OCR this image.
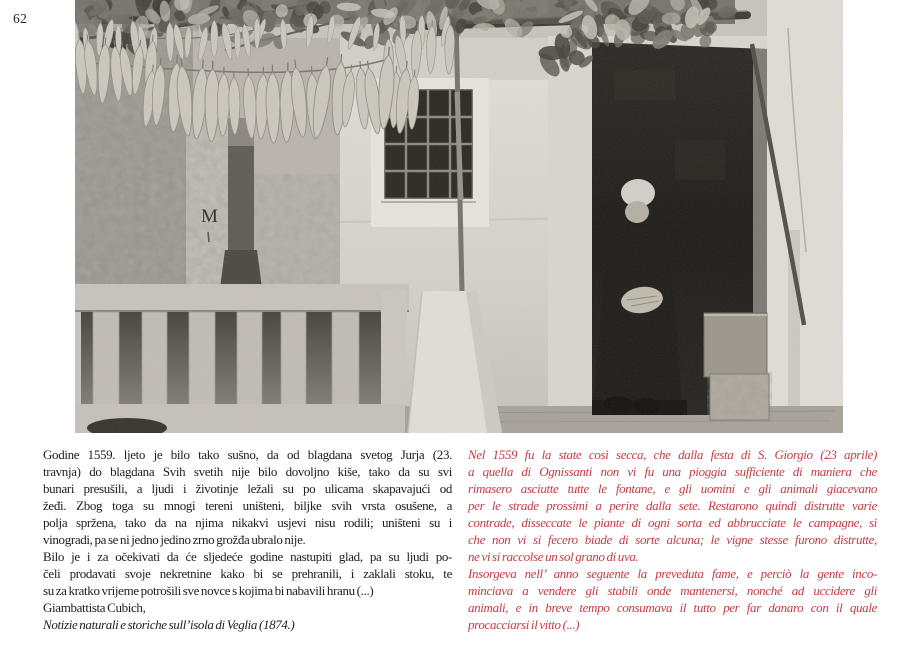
62
Godine 1559. ljeto je bilo tako sušno, da od blagdana svetog Jurja (23.
travnja) do blagdana Svih svetih nije bilo dovoljno kiše, tako da su svi
bunari presušili, a ljudi i životinje ležali su po ulicama skapavajući od
žeđi. Zbog toga su mnogi tereni uništeni, biljke svih vrsta osušene, a
polja spržena, tako da na njima nikakvi usjevi nisu rodili; uništeni su i
vinogradi, pa se ni jedno jedino zrno grožđa ubralo nije.
Bilo je i za očekivati da će sljedeće godine nastupiti glad, pa su ljudi po-
čeli prodavati svoje nekretnine kako bi se prehranili, i zaklali stoku, te
su za kratko vrijeme potrošili sve novce s kojima bi nabavili hranu (...)
Giambattista Cubich,
Notizie naturali e storiche sull’isola di Veglia (1874.)
Nel 1559 fu la state così secca, che dalla festa di S. Giorgio (23 aprile)
a quella di Ognissanti non vi fu una pioggia sufficiente di maniera che
rimasero asciutte tutte le fontane, e gli uomini e gli animali giacevano
per le strade prossimi a perire dalla sete. Restarono quindi distrutte varie
contrade, disseccate le piante di ogni sorta ed abbrucciate le campagne, sì
che non vi si fecero biade di sorte alcuna; le vigne stesse furono distrutte,
ne vi si raccolse un sol grano di uva.
Insorgeva nell’ anno seguente la preveduta fame, e perciò la gente inco-
minciava a vendere gli stabili onde mantenersi, nonché ad uccidere gli
animali, e in breve tempo consumava il tutto per far danaro con il quale
procacciarsi il vitto (...)
